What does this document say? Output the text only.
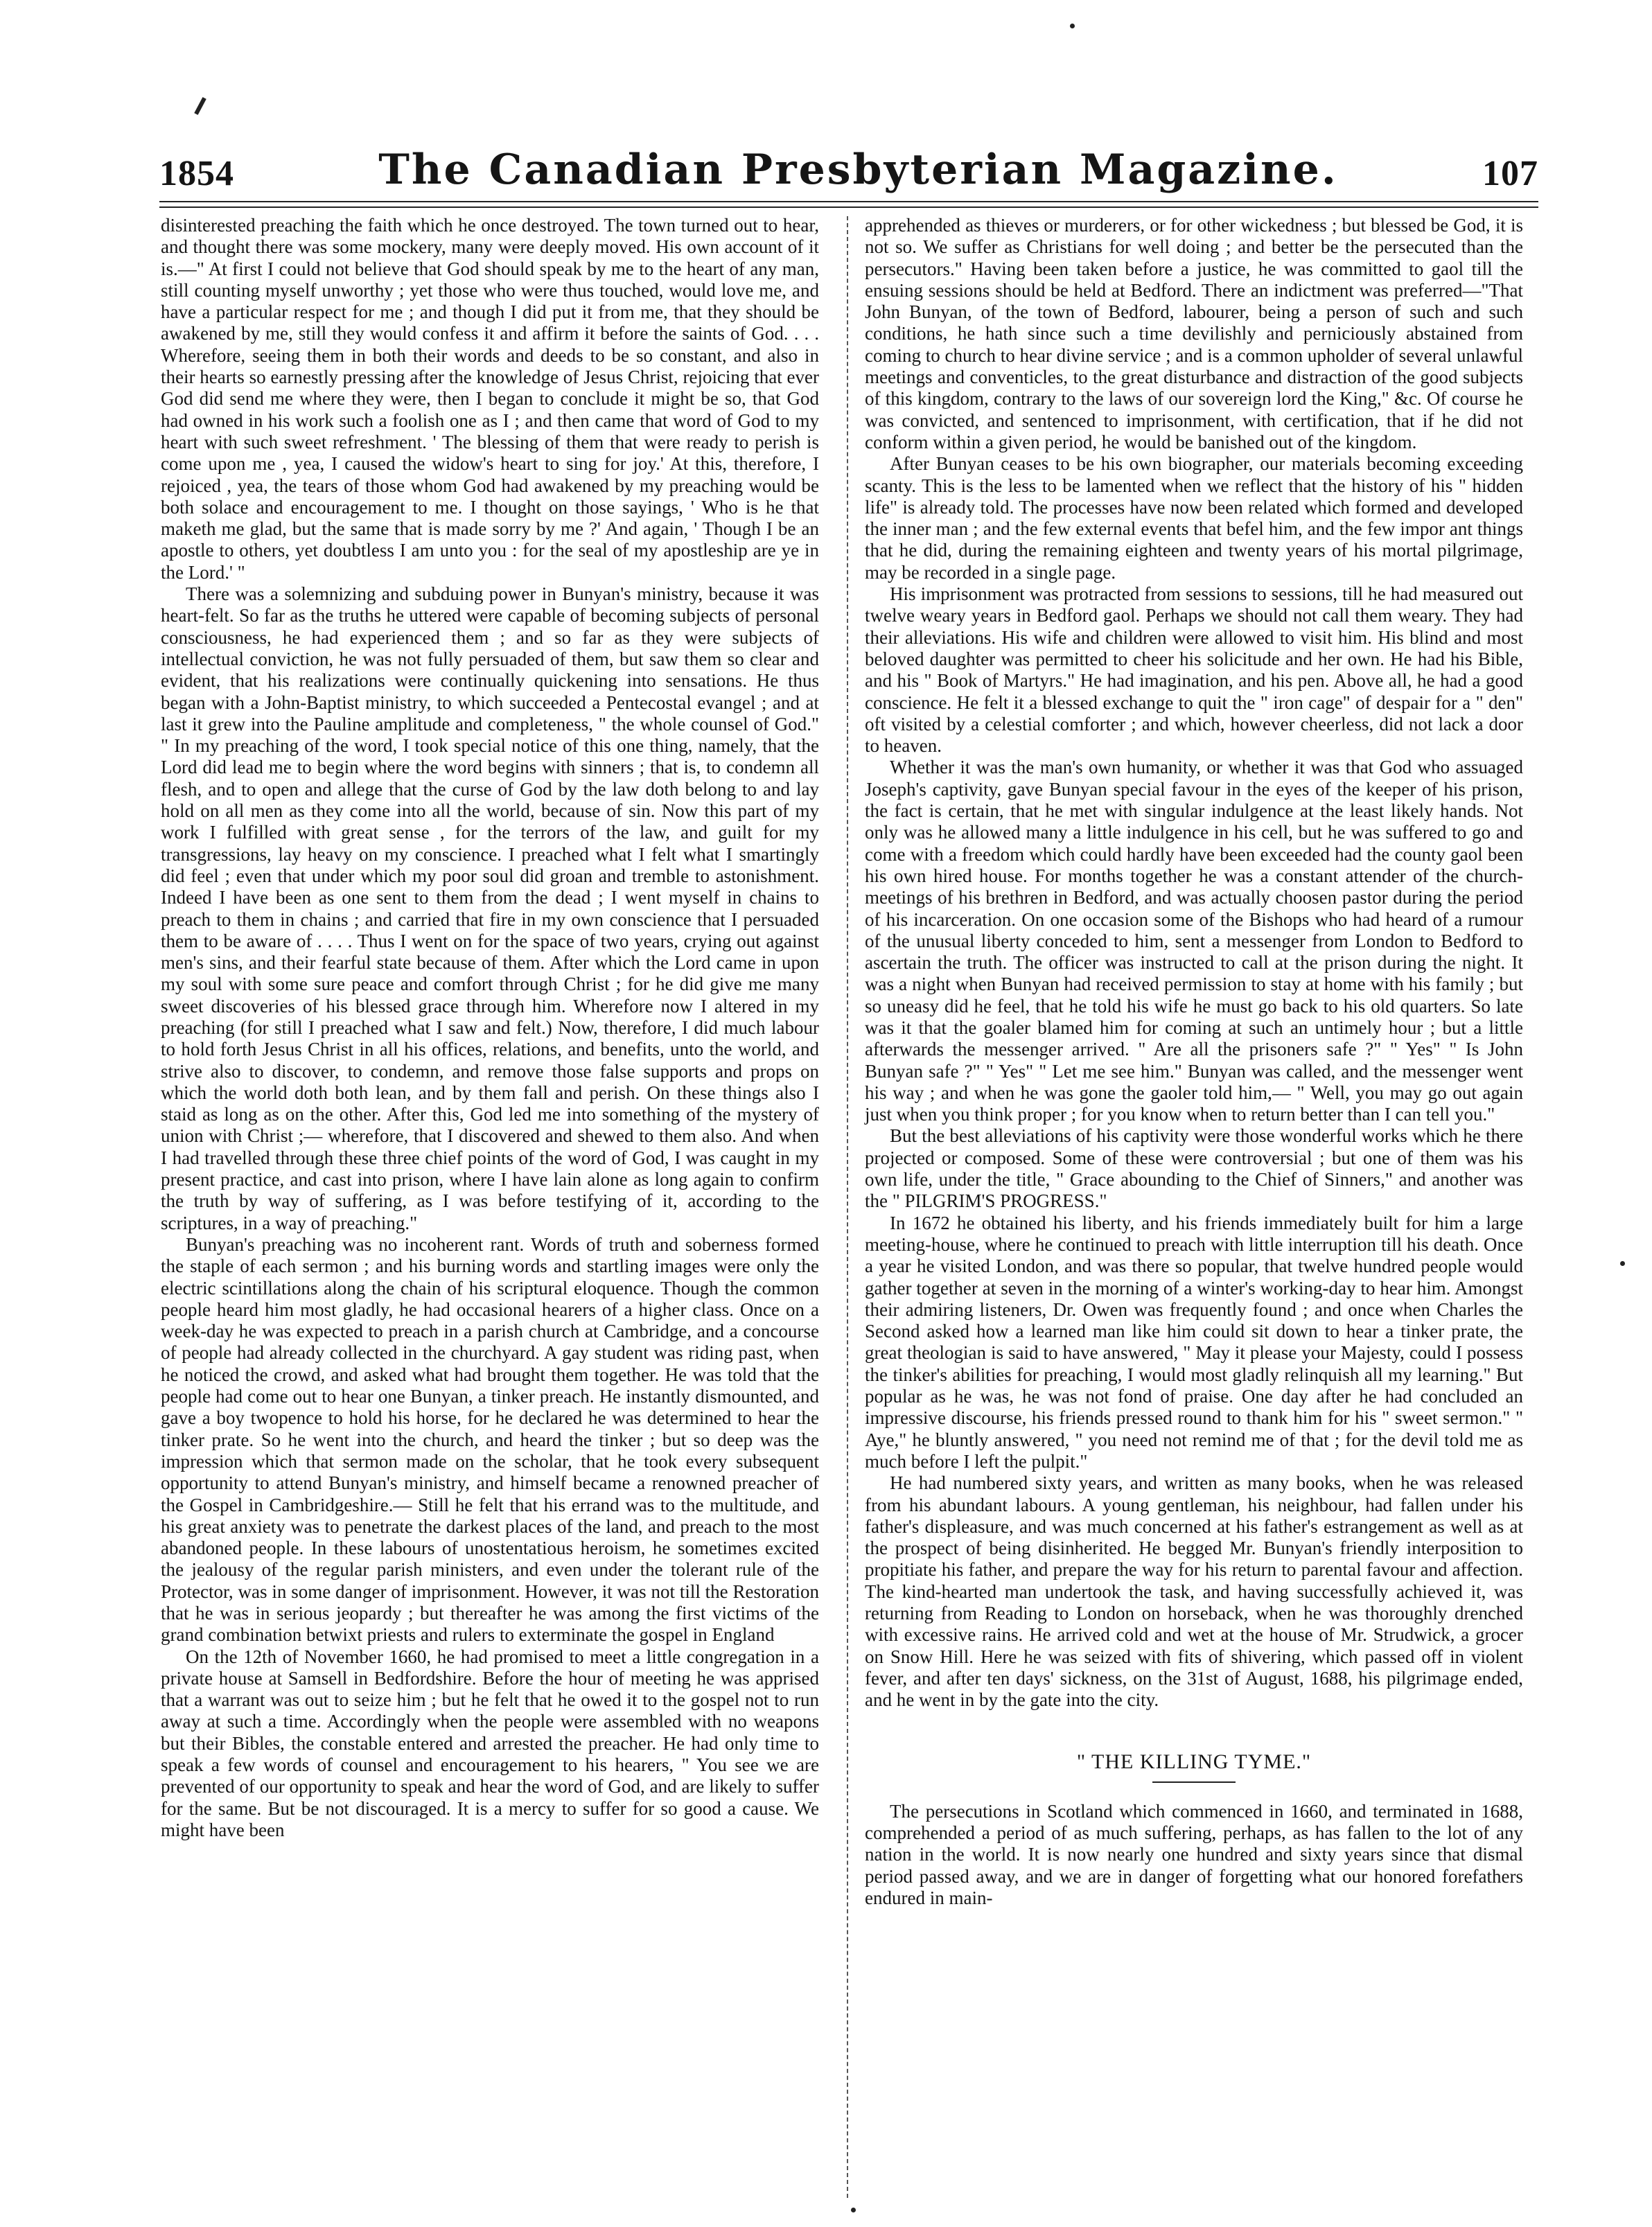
1854	The Canadian Presbyterian Magazine.	107

disinterested preaching the faith which he once destroyed. The town turned out to hear, and thought there was some mockery, many were deeply moved. His own account of it is.—" At first I could not believe that God should speak by me to the heart of any man, still counting myself unworthy ; yet those who were thus touched, would love me, and have a particular respect for me ; and though I did put it from me, that they should be awakened by me, still they would confess it and affirm it before the saints of God. . . . Wherefore, seeing them in both their words and deeds to be so constant, and also in their hearts so earnestly pressing after the knowledge of Jesus Christ, rejoicing that ever God did send me where they were, then I began to conclude it might be so, that God had owned in his work such a foolish one as I ; and then came that word of God to my heart with such sweet refreshment. ' The blessing of them that were ready to perish is come upon me , yea, I caused the widow's heart to sing for joy.' At this, therefore, I rejoiced , yea, the tears of those whom God had awakened by my preaching would be both solace and encouragement to me. I thought on those sayings, ' Who is he that maketh me glad, but the same that is made sorry by me ?' And again, ' Though I be an apostle to others, yet doubtless I am unto you : for the seal of my apostleship are ye in the Lord.' "

There was a solemnizing and subduing power in Bunyan's ministry, because it was heart-felt. So far as the truths he uttered were capable of becoming subjects of personal consciousness, he had experienced them ; and so far as they were subjects of intellectual conviction, he was not fully persuaded of them, but saw them so clear and evident, that his realizations were continually quickening into sensations. He thus began with a John-Baptist ministry, to which succeeded a Pentecostal evangel ; and at last it grew into the Pauline amplitude and completeness, " the whole counsel of God." " In my preaching of the word, I took special notice of this one thing, namely, that the Lord did lead me to begin where the word begins with sinners ; that is, to condemn all flesh, and to open and allege that the curse of God by the law doth belong to and lay hold on all men as they come into all the world, because of sin. Now this part of my work I fulfilled with great sense , for the terrors of the law, and guilt for my transgressions, lay heavy on my conscience. I preached what I felt what I smartingly did feel ; even that under which my poor soul did groan and tremble to astonishment. Indeed I have been as one sent to them from the dead ; I went myself in chains to preach to them in chains ; and carried that fire in my own conscience that I persuaded them to be aware of . . . . Thus I went on for the space of two years, crying out against men's sins, and their fearful state because of them. After which the Lord came in upon my soul with some sure peace and comfort through Christ ; for he did give me many sweet discoveries of his blessed grace through him. Wherefore now I altered in my preaching (for still I preached what I saw and felt.) Now, therefore, I did much labour to hold forth Jesus Christ in all his offices, relations, and benefits, unto the world, and strive also to discover, to condemn, and remove those false supports and props on which the world doth both lean, and by them fall and perish. On these things also I staid as long as on the other. After this, God led me into something of the mystery of union with Christ ;— wherefore, that I discovered and shewed to them also. And when I had travelled through these three chief points of the word of God, I was caught in my present practice, and cast into prison, where I have lain alone as long again to confirm the truth by way of suffering, as I was before testifying of it, according to the scriptures, in a way of preaching."

Bunyan's preaching was no incoherent rant. Words of truth and soberness formed the staple of each sermon ; and his burning words and startling images were only the electric scintillations along the chain of his scriptural eloquence. Though the common people heard him most gladly, he had occasional hearers of a higher class. Once on a week-day he was expected to preach in a parish church at Cambridge, and a concourse of people had already collected in the churchyard. A gay student was riding past, when he noticed the crowd, and asked what had brought them together. He was told that the people had come out to hear one Bunyan, a tinker preach. He instantly dismounted, and gave a boy twopence to hold his horse, for he declared he was determined to hear the tinker prate. So he went into the church, and heard the tinker ; but so deep was the impression which that sermon made on the scholar, that he took every subsequent opportunity to attend Bunyan's ministry, and himself became a renowned preacher of the Gospel in Cambridgeshire.— Still he felt that his errand was to the multitude, and his great anxiety was to penetrate the darkest places of the land, and preach to the most abandoned people. In these labours of unostentatious heroism, he sometimes excited the jealousy of the regular parish ministers, and even under the tolerant rule of the Protector, was in some danger of imprisonment. However, it was not till the Restoration that he was in serious jeopardy ; but thereafter he was among the first victims of the grand combination betwixt priests and rulers to exterminate the gospel in England

On the 12th of November 1660, he had promised to meet a little congregation in a private house at Samsell in Bedfordshire. Before the hour of meeting he was apprised that a warrant was out to seize him ; but he felt that he owed it to the gospel not to run away at such a time. Accordingly when the people were assembled with no weapons but their Bibles, the constable entered and arrested the preacher. He had only time to speak a few words of counsel and encouragement to his hearers, " You see we are prevented of our opportunity to speak and hear the word of God, and are likely to suffer for the same. But be not discouraged. It is a mercy to suffer for so good a cause. We might have been

apprehended as thieves or murderers, or for other wickedness ; but blessed be God, it is not so. We suffer as Christians for well doing ; and better be the persecuted than the persecutors." Having been taken before a justice, he was committed to gaol till the ensuing sessions should be held at Bedford. There an indictment was preferred—"That John Bunyan, of the town of Bedford, labourer, being a person of such and such conditions, he hath since such a time devilishly and perniciously abstained from coming to church to hear divine service ; and is a common upholder of several unlawful meetings and conventicles, to the great disturbance and distraction of the good subjects of this kingdom, contrary to the laws of our sovereign lord the King," &c. Of course he was convicted, and sentenced to imprisonment, with certification, that if he did not conform within a given period, he would be banished out of the kingdom.

After Bunyan ceases to be his own biographer, our materials becoming exceeding scanty. This is the less to be lamented when we reflect that the history of his " hidden life" is already told. The processes have now been related which formed and developed the inner man ; and the few external events that befel him, and the few impor ant things that he did, during the remaining eighteen and twenty years of his mortal pilgrimage, may be recorded in a single page.

His imprisonment was protracted from sessions to sessions, till he had measured out twelve weary years in Bedford gaol. Perhaps we should not call them weary. They had their alleviations. His wife and children were allowed to visit him. His blind and most beloved daughter was permitted to cheer his solicitude and her own. He had his Bible, and his " Book of Martyrs." He had imagination, and his pen. Above all, he had a good conscience. He felt it a blessed exchange to quit the " iron cage" of despair for a " den" oft visited by a celestial comforter ; and which, however cheerless, did not lack a door to heaven.

Whether it was the man's own humanity, or whether it was that God who assuaged Joseph's captivity, gave Bunyan special favour in the eyes of the keeper of his prison, the fact is certain, that he met with singular indulgence at the least likely hands. Not only was he allowed many a little indulgence in his cell, but he was suffered to go and come with a freedom which could hardly have been exceeded had the county gaol been his own hired house. For months together he was a constant attender of the church-meetings of his brethren in Bedford, and was actually choosen pastor during the period of his incarceration. On one occasion some of the Bishops who had heard of a rumour of the unusual liberty conceded to him, sent a messenger from London to Bedford to ascertain the truth. The officer was instructed to call at the prison during the night. It was a night when Bunyan had received permission to stay at home with his family ; but so uneasy did he feel, that he told his wife he must go back to his old quarters. So late was it that the goaler blamed him for coming at such an untimely hour ; but a little afterwards the messenger arrived. " Are all the prisoners safe ?" " Yes" " Is John Bunyan safe ?" " Yes" " Let me see him." Bunyan was called, and the messenger went his way ; and when he was gone the gaoler told him,— " Well, you may go out again just when you think proper ; for you know when to return better than I can tell you."

But the best alleviations of his captivity were those wonderful works which he there projected or composed. Some of these were controversial ; but one of them was his own life, under the title, " Grace abounding to the Chief of Sinners," and another was the " PILGRIM'S PROGRESS."

In 1672 he obtained his liberty, and his friends immediately built for him a large meeting-house, where he continued to preach with little interruption till his death. Once a year he visited London, and was there so popular, that twelve hundred people would gather together at seven in the morning of a winter's working-day to hear him. Amongst their admiring listeners, Dr. Owen was frequently found ; and once when Charles the Second asked how a learned man like him could sit down to hear a tinker prate, the great theologian is said to have answered, " May it please your Majesty, could I possess the tinker's abilities for preaching, I would most gladly relinquish all my learning." But popular as he was, he was not fond of praise. One day after he had concluded an impressive discourse, his friends pressed round to thank him for his " sweet sermon." " Aye," he bluntly answered, " you need not remind me of that ; for the devil told me as much before I left the pulpit."

He had numbered sixty years, and written as many books, when he was released from his abundant labours. A young gentleman, his neighbour, had fallen under his father's displeasure, and was much concerned at his father's estrangement as well as at the prospect of being disinherited. He begged Mr. Bunyan's friendly interposition to propitiate his father, and prepare the way for his return to parental favour and affection. The kind-hearted man undertook the task, and having successfully achieved it, was returning from Reading to London on horseback, when he was thoroughly drenched with excessive rains. He arrived cold and wet at the house of Mr. Strudwick, a grocer on Snow Hill. Here he was seized with fits of shivering, which passed off in violent fever, and after ten days' sickness, on the 31st of August, 1688, his pilgrimage ended, and he went in by the gate into the city.

" THE KILLING TYME."

The persecutions in Scotland which commenced in 1660, and terminated in 1688, comprehended a period of as much suffering, perhaps, as has fallen to the lot of any nation in the world. It is now nearly one hundred and sixty years since that dismal period passed away, and we are in danger of forgetting what our honored forefathers endured in main-
